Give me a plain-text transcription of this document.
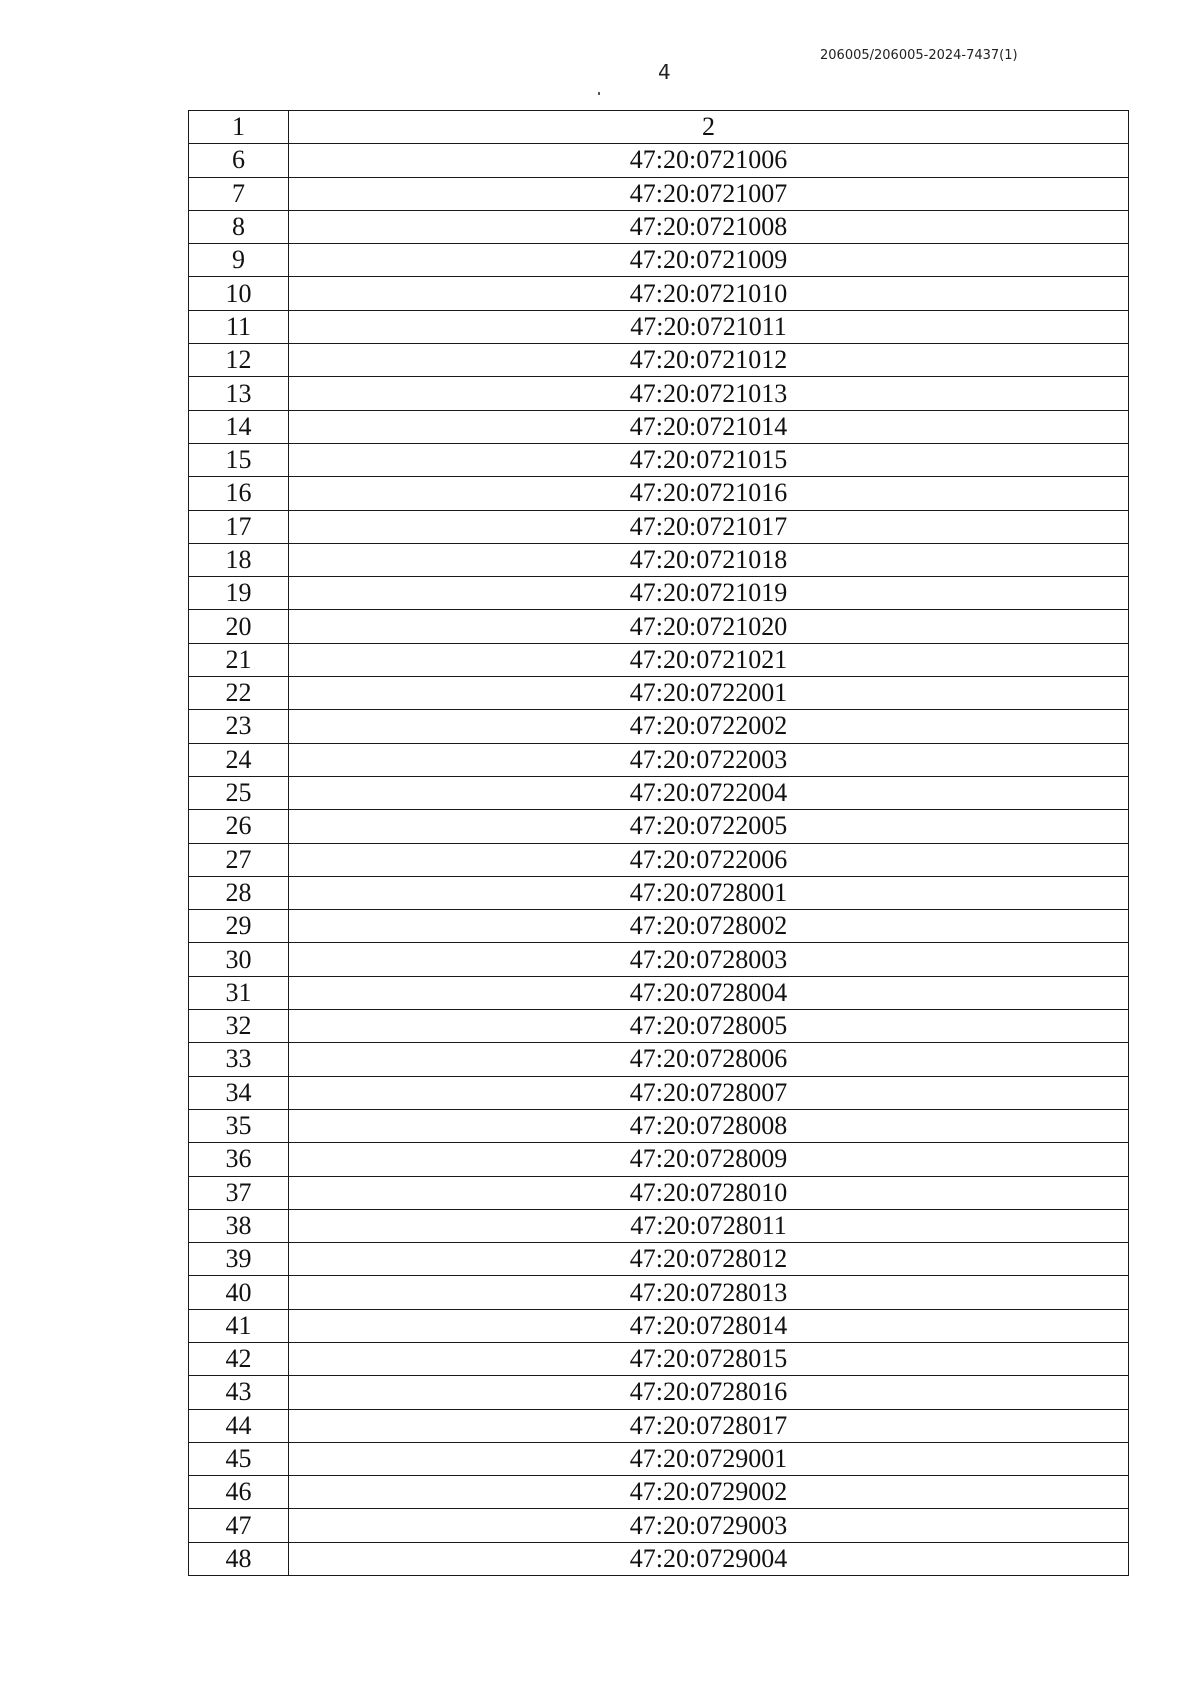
206005/206005-2024-7437(1)
4
1	2
6	47:20:0721006
7	47:20:0721007
8	47:20:0721008
9	47:20:0721009
10	47:20:0721010
11	47:20:0721011
12	47:20:0721012
13	47:20:0721013
14	47:20:0721014
15	47:20:0721015
16	47:20:0721016
17	47:20:0721017
18	47:20:0721018
19	47:20:0721019
20	47:20:0721020
21	47:20:0721021
22	47:20:0722001
23	47:20:0722002
24	47:20:0722003
25	47:20:0722004
26	47:20:0722005
27	47:20:0722006
28	47:20:0728001
29	47:20:0728002
30	47:20:0728003
31	47:20:0728004
32	47:20:0728005
33	47:20:0728006
34	47:20:0728007
35	47:20:0728008
36	47:20:0728009
37	47:20:0728010
38	47:20:0728011
39	47:20:0728012
40	47:20:0728013
41	47:20:0728014
42	47:20:0728015
43	47:20:0728016
44	47:20:0728017
45	47:20:0729001
46	47:20:0729002
47	47:20:0729003
48	47:20:0729004
